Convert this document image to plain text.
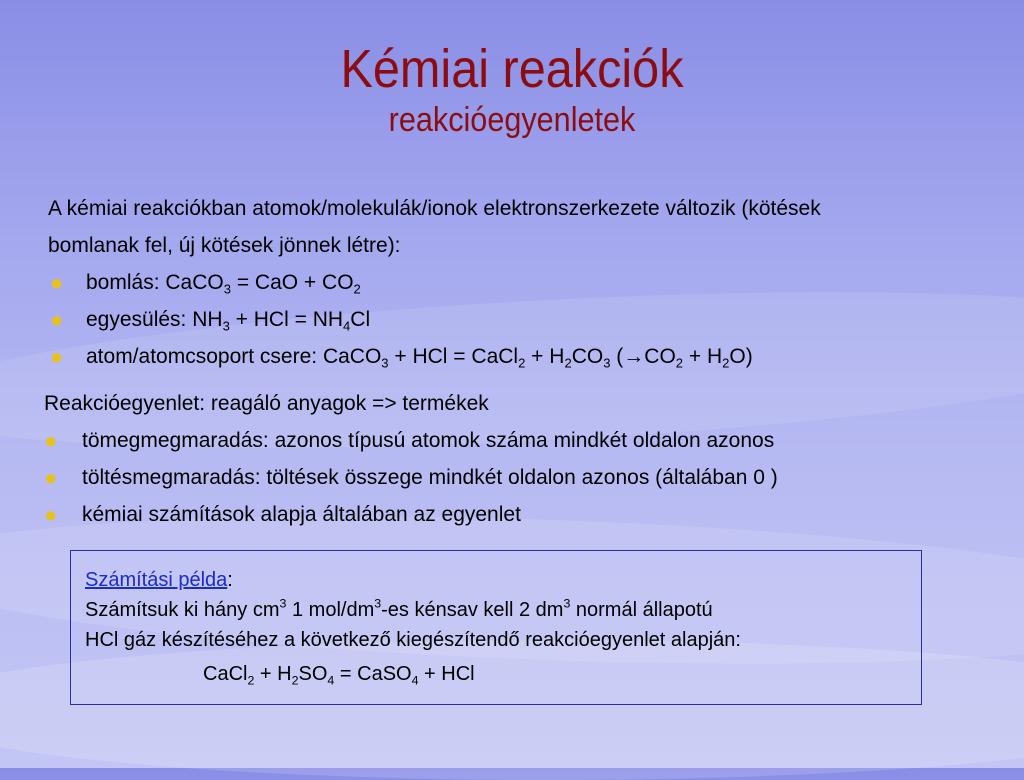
Kémiai reakciók
reakcióegyenletek
A kémiai reakciókban atomok/molekulák/ionok elektronszerkezete változik (kötések
bomlanak fel, új kötések jönnek létre):
● bomlás: CaCO$_3$ = CaO + $CO_2$
● egyesülés: $NH_3$ + HCl = $NH_4Cl$
● atom/atomcsoport csere: CaCO$_3$ + HCl = CaCl$_2$ + $H_2CO_3$ $(\to CO_2 + H_2O)$
Reakcióegyenlet: reagáló anyagok => termékek
● tömegmegmaradás: azonos típusú atomok száma mindkét oldalon azonos
● töltésmegmaradás: töltések összege mindkét oldalon azonos (általában 0 )
● kémiai számítások alapja általában az egyenlet
Számítási példa:
Számítsuk ki hány $cm^3$ 1 mol/$dm^3-es$ kénsav kell 2 $dm^3$ normál állapotú
HCl gáz készítéséhez a következő kiegészítendő reakcióegyenlet alapján:
CaCl$_2$ + $H_2SO_4$ = CaSO$_4$ + HCl
